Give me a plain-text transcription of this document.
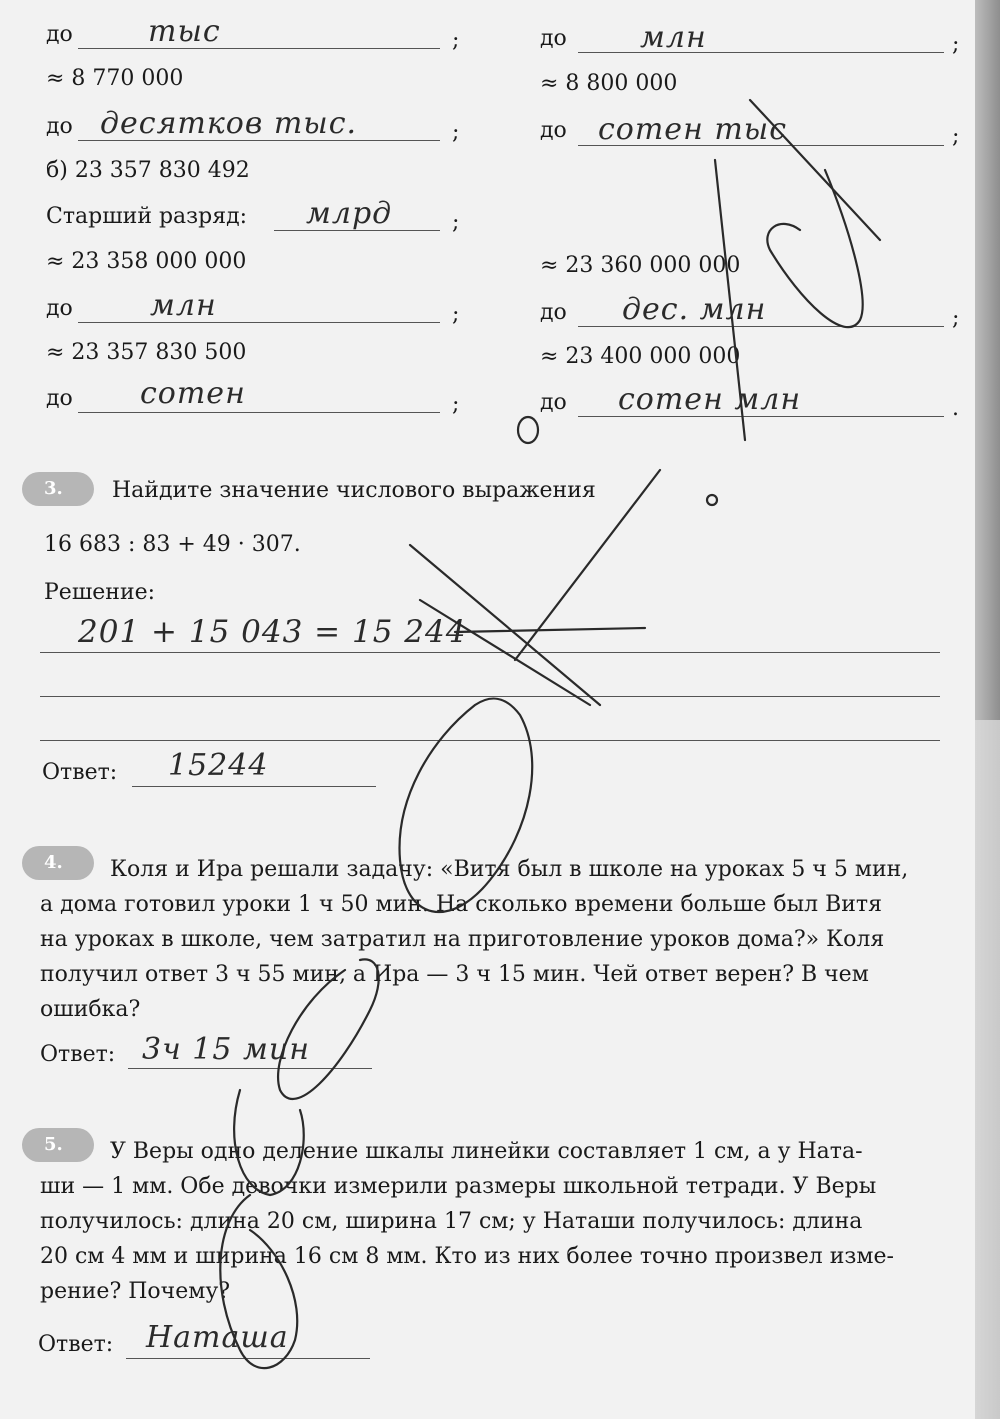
до	тыс	;
≈ 8 770 000
до десятков тыс.	;
б) 23 357 830 492
Старший разряд: млрд	;
≈ 23 358 000 000
до	млн	;
≈ 23 357 830 500
до сотен	;
до млн	;
≈ 8 800 000
до сотен тыс	;
≈ 23 360 000 000
до дес. млн	;
≈ 23 400 000 000
до сотен млн	.
3.	Найдите значение числового выражения
16 683 : 83 + 49 · 307.
Решение:
201 + 15 043 = 15 244
Ответ: 15244
4.	Коля и Ира решали задачу: «Витя был в школе на уроках 5 ч 5 мин,
а дома готовил уроки 1 ч 50 мин. На сколько времени больше был Витя
на уроках в школе, чем затратил на приготовление уроков дома?» Коля
получил ответ 3 ч 55 мин, а Ира — 3 ч 15 мин. Чей ответ верен? В чем
ошибка?
Ответ: 3ч 15 мин
5.	У Веры одно деление шкалы линейки составляет 1 см, а у Ната-
ши — 1 мм. Обе девочки измерили размеры школьной тетради. У Веры
получилось: длина 20 см, ширина 17 см; у Наташи получилось: длина
20 см 4 мм и ширина 16 см 8 мм. Кто из них более точно произвел изме-
рение? Почему?
Ответ: Наташа
